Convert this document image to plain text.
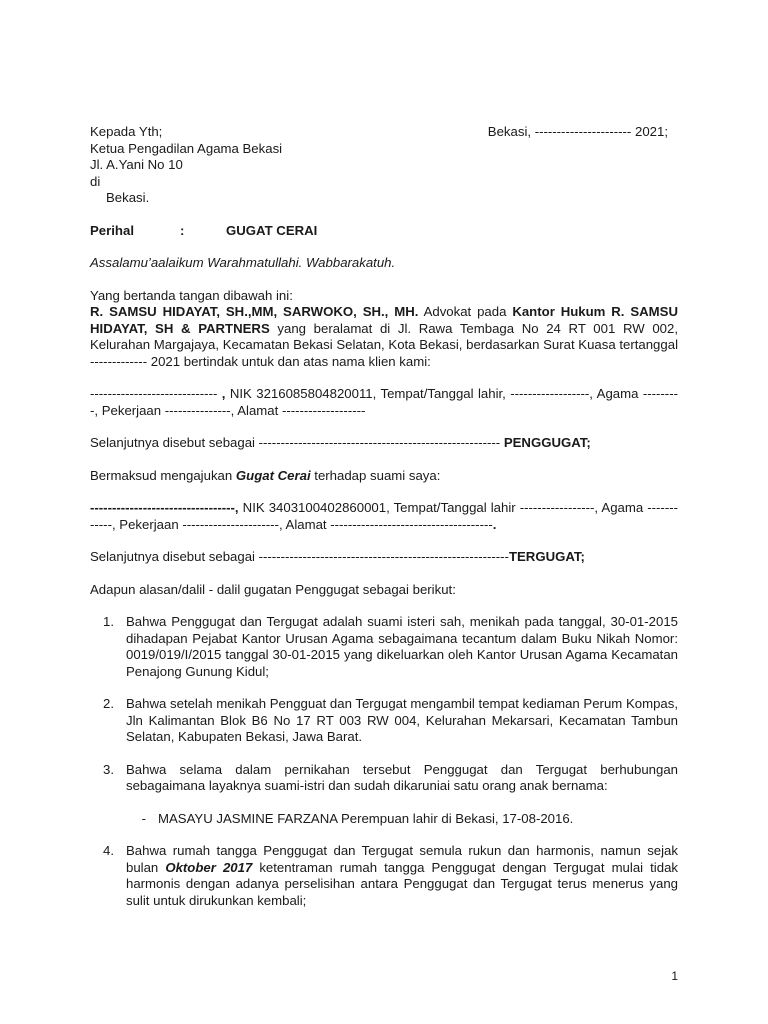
Kepada Yth;	Bekasi, ---------------------- 2021;
Ketua Pengadilan Agama Bekasi
Jl. A.Yani No 10
di
Bekasi.
Perihal	:	GUGAT CERAI
Assalamu’aalaikum Warahmatullahi. Wabbarakatuh.
Yang bertanda tangan dibawah ini:
R. SAMSU HIDAYAT, SH.,MM, SARWOKO, SH., MH. Advokat pada Kantor Hukum R. SAMSU HIDAYAT, SH & PARTNERS yang beralamat di Jl. Rawa Tembaga No 24 RT 001 RW 002, Kelurahan Margajaya, Kecamatan Bekasi Selatan, Kota Bekasi, berdasarkan Surat Kuasa tertanggal ------------- 2021 bertindak untuk dan atas nama klien kami:
----------------------------- , NIK 3216085804820011, Tempat/Tanggal lahir, ------------------, Agama ---------, Pekerjaan ---------------, Alamat -------------------
Selanjutnya disebut sebagai ------------------------------------------------------- PENGGUGAT;
Bermaksud mengajukan Gugat Cerai terhadap suami saya:
---------------------------------, NIK 3403100402860001, Tempat/Tanggal lahir -----------------, Agama ------------, Pekerjaan ----------------------, Alamat -------------------------------------.
Selanjutnya disebut sebagai ---------------------------------------------------------TERGUGAT;
Adapun alasan/dalil - dalil gugatan Penggugat sebagai berikut:
1. Bahwa Penggugat dan Tergugat adalah suami isteri sah, menikah pada tanggal, 30-01-2015 dihadapan Pejabat Kantor Urusan Agama sebagaimana tecantum dalam Buku Nikah Nomor: 0019/019/I/2015 tanggal 30-01-2015 yang dikeluarkan oleh Kantor Urusan Agama Kecamatan Penajong Gunung Kidul;
2. Bahwa setelah menikah Pengguat dan Tergugat mengambil tempat kediaman Perum Kompas, Jln Kalimantan Blok B6 No 17 RT 003 RW 004, Kelurahan Mekarsari, Kecamatan Tambun Selatan, Kabupaten Bekasi, Jawa Barat.
3. Bahwa selama dalam pernikahan tersebut Penggugat dan Tergugat berhubungan sebagaimana layaknya suami-istri dan sudah dikaruniai satu orang anak bernama:
- MASAYU JASMINE FARZANA Perempuan lahir di Bekasi, 17-08-2016.
4. Bahwa rumah tangga Penggugat dan Tergugat semula rukun dan harmonis, namun sejak bulan Oktober 2017 ketentraman rumah tangga Penggugat dengan Tergugat mulai tidak harmonis dengan adanya perselisihan antara Penggugat dan Tergugat terus menerus yang sulit untuk dirukunkan kembali;
1
